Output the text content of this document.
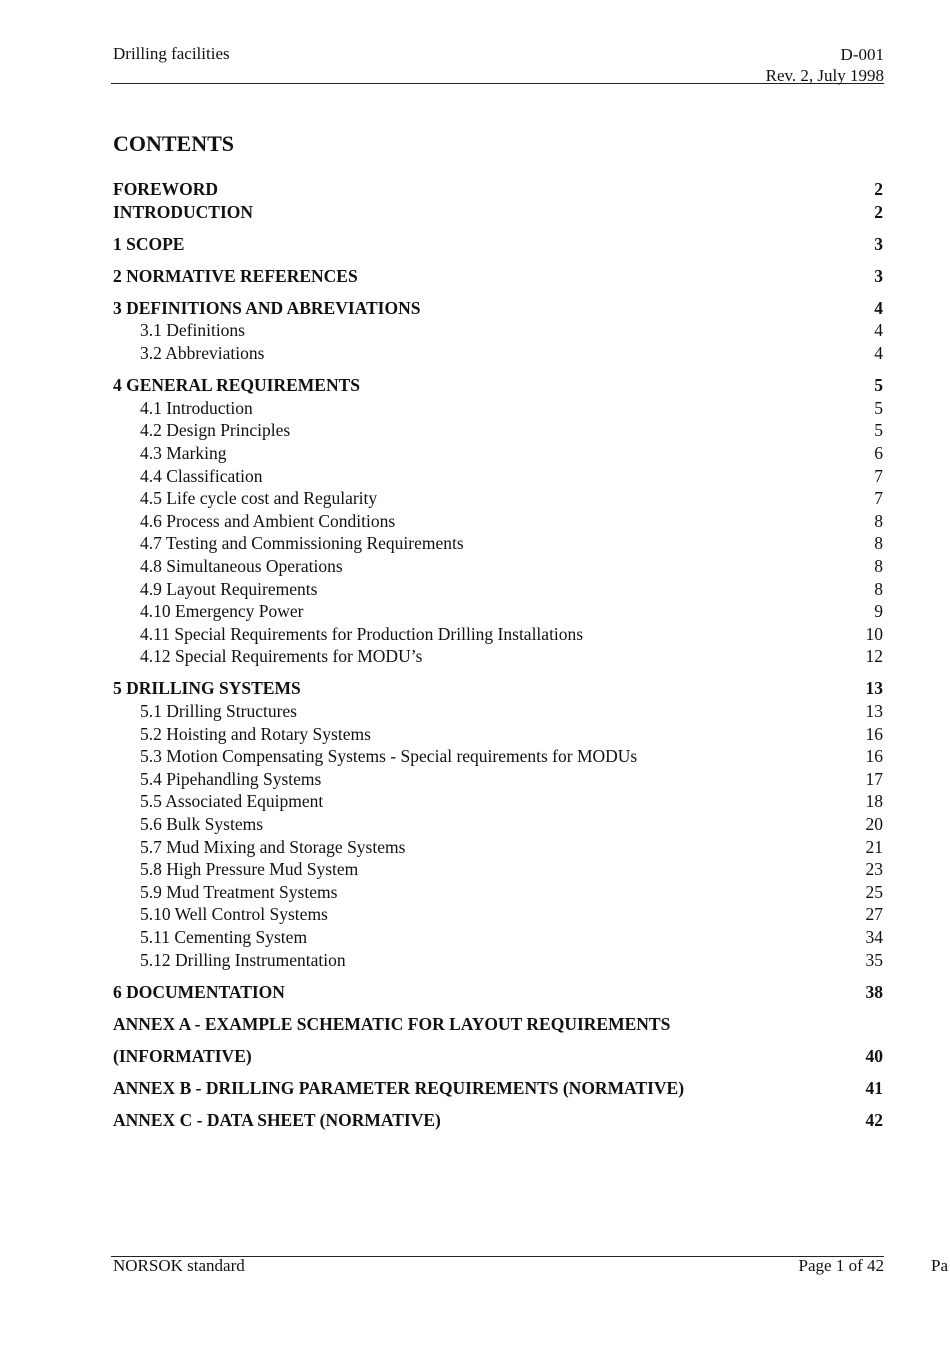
Drilling facilities	D-001
Rev. 2, July 1998
CONTENTS
FOREWORD	2
INTRODUCTION	2
1 SCOPE	3
2 NORMATIVE REFERENCES	3
3 DEFINITIONS AND ABREVIATIONS	4
3.1 Definitions	4
3.2 Abbreviations	4
4 GENERAL REQUIREMENTS	5
4.1 Introduction	5
4.2 Design Principles	5
4.3 Marking	6
4.4 Classification	7
4.5 Life cycle cost and Regularity	7
4.6 Process and Ambient Conditions	8
4.7 Testing and Commissioning Requirements	8
4.8 Simultaneous Operations	8
4.9 Layout Requirements	8
4.10 Emergency Power	9
4.11 Special Requirements for Production Drilling Installations	10
4.12 Special Requirements for MODU’s	12
5 DRILLING SYSTEMS	13
5.1 Drilling Structures	13
5.2 Hoisting and Rotary Systems	16
5.3 Motion Compensating Systems - Special requirements for MODUs	16
5.4 Pipehandling Systems	17
5.5 Associated Equipment	18
5.6 Bulk Systems	20
5.7 Mud Mixing and Storage Systems	21
5.8 High Pressure Mud System	23
5.9 Mud Treatment Systems	25
5.10 Well Control Systems	27
5.11 Cementing System	34
5.12 Drilling Instrumentation	35
6 DOCUMENTATION	38
ANNEX A - EXAMPLE SCHEMATIC FOR LAYOUT REQUIREMENTS
(INFORMATIVE)	40
ANNEX B - DRILLING PARAMETER REQUIREMENTS (NORMATIVE)	41
ANNEX C - DATA SHEET (NORMATIVE)	42
NORSOK standard	Page 1 of 42	Pa
